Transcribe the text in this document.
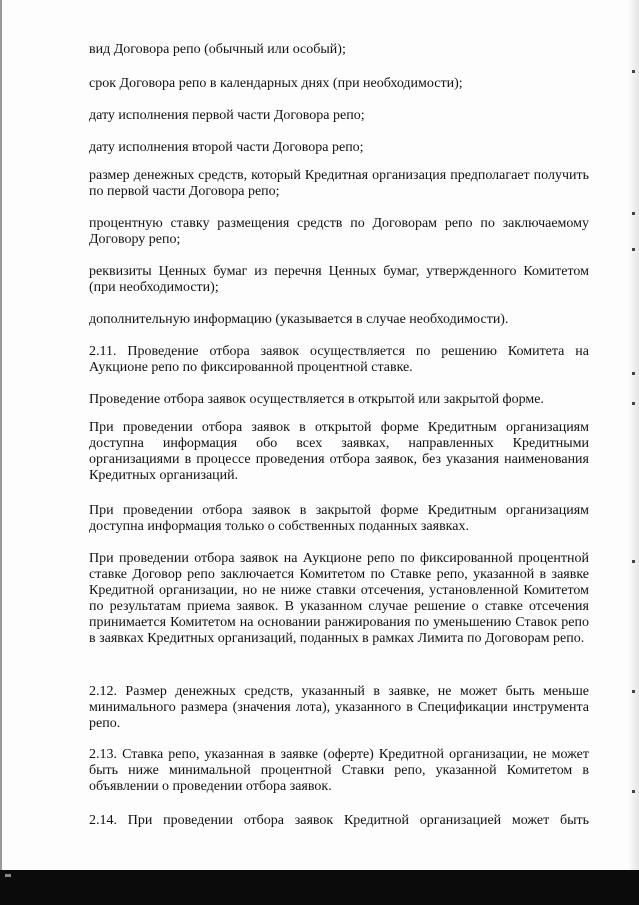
вид Договора репо (обычный или особый);

срок Договора репо в календарных днях (при необходимости);

дату исполнения первой части Договора репо;

дату исполнения второй части Договора репо;

размер денежных средств, который Кредитная организация предполагает получить по первой части Договора репо;

процентную ставку размещения средств по Договорам репо по заключаемому Договору репо;

реквизиты Ценных бумаг из перечня Ценных бумаг, утвержденного Комитетом (при необходимости);

дополнительную информацию (указывается в случае необходимости).

2.11. Проведение отбора заявок осуществляется по решению Комитета на Аукционе репо по фиксированной процентной ставке.

Проведение отбора заявок осуществляется в открытой или закрытой форме.

При проведении отбора заявок в открытой форме Кредитным организациям доступна информация обо всех заявках, направленных Кредитными организациями в процессе проведения отбора заявок, без указания наименования Кредитных организаций.

При проведении отбора заявок в закрытой форме Кредитным организациям доступна информация только о собственных поданных заявках.

При проведении отбора заявок на Аукционе репо по фиксированной процентной ставке Договор репо заключается Комитетом по Ставке репо, указанной в заявке Кредитной организации, но не ниже ставки отсечения, установленной Комитетом по результатам приема заявок. В указанном случае решение о ставке отсечения принимается Комитетом на основании ранжирования по уменьшению Ставок репо в заявках Кредитных организаций, поданных в рамках Лимита по Договорам репо.

2.12. Размер денежных средств, указанный в заявке, не может быть меньше минимального размера (значения лота), указанного в Спецификации инструмента репо.

2.13. Ставка репо, указанная в заявке (оферте) Кредитной организации, не может быть ниже минимальной процентной Ставки репо, указанной Комитетом в объявлении о проведении отбора заявок.

2.14. При проведении отбора заявок Кредитной организацией может быть
